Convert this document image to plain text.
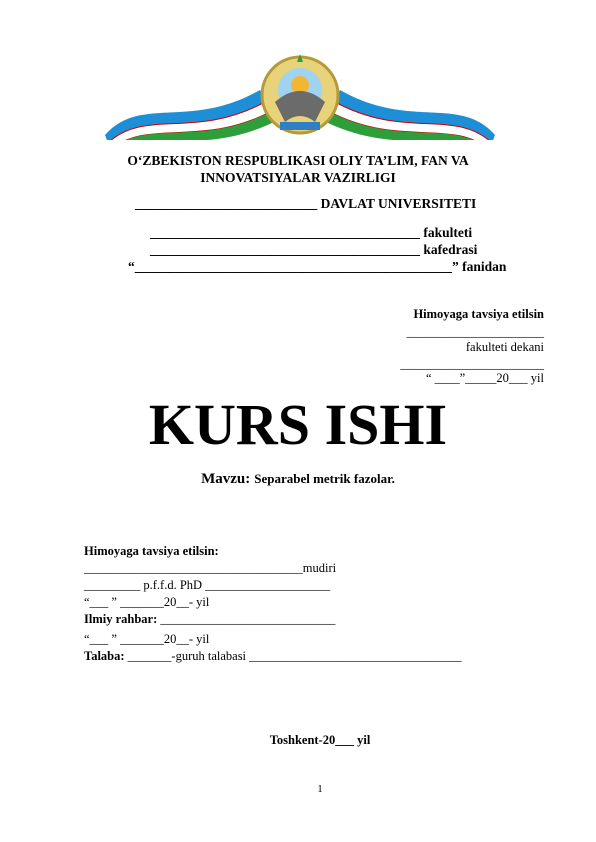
O‘ZBEKISTON RESPUBLIKASI OLIY TA’LIM, FAN VA
INNOVATSIYALAR VAZIRLIGI
___________________________ DAVLAT UNIVERSITETI
________________________________________ fakulteti
________________________________________ kafedrasi
“_______________________________________________” fanidan
Himoyaga tavsiya etilsin
______________________
fakulteti dekani
_______________________
“ ____”_____20___ yil
KURS ISHI
Mavzu: Separabel metrik fazolar.
Himoyaga tavsiya etilsin:
___________________________________mudiri
_________ p.f.f.d. PhD ____________________
“___ ” _______20__- yil
Ilmiy rahbar: ____________________________
“___ ” _______20__- yil
Talaba: _______-guruh talabasi __________________________________
Toshkent-20___ yil
1
